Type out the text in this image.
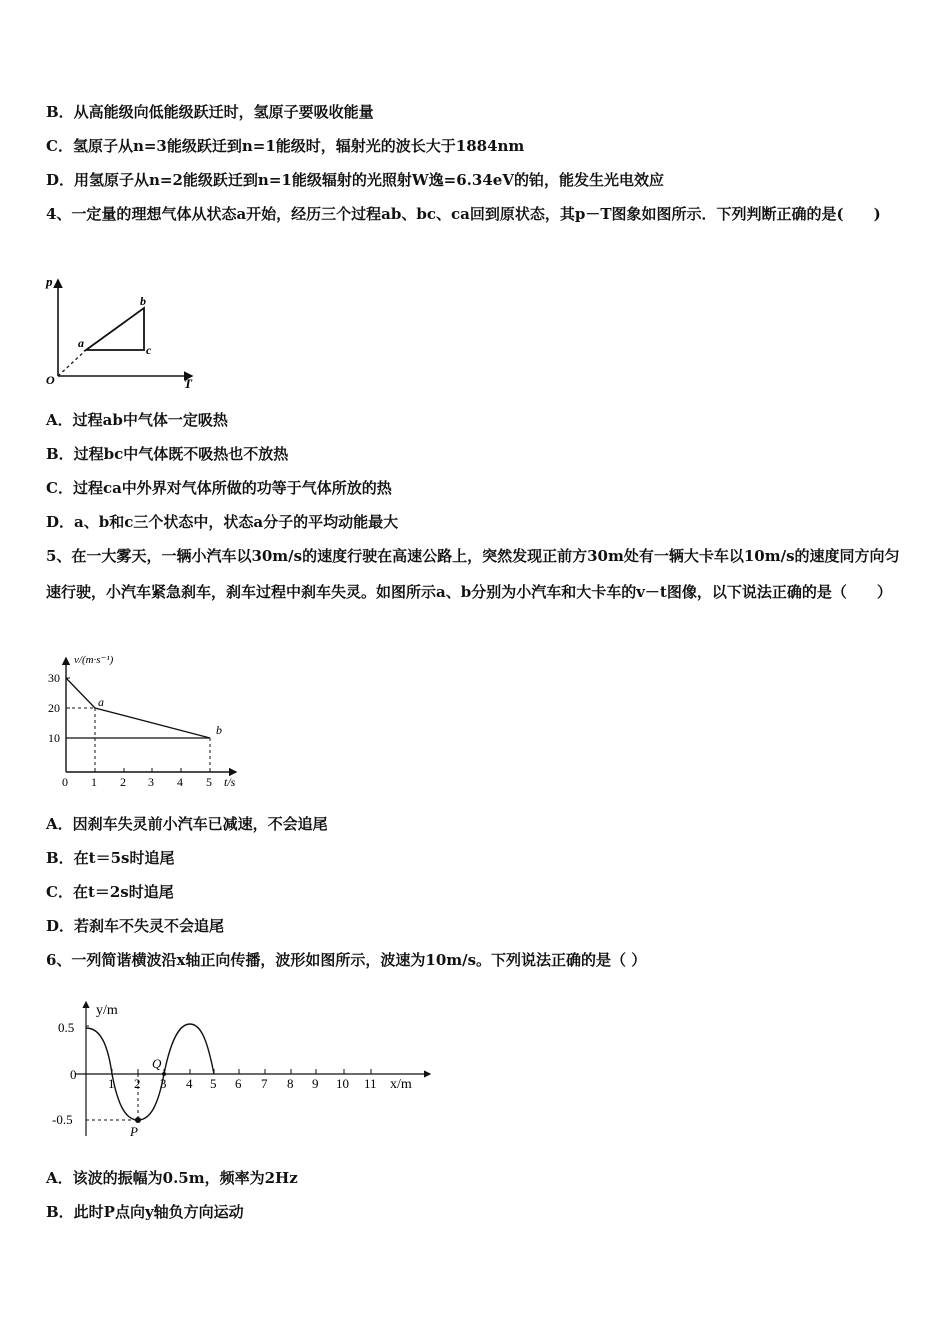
B．从高能级向低能级跃迁时，氢原子要吸收能量
C．氢原子从n=3能级跃迁到n=1能级时，辐射光的波长大于1884nm
D．用氢原子从n=2能级跃迁到n=1能级辐射的光照射W逸=6.34eV的铂，能发生光电效应
4、一定量的理想气体从状态a开始，经历三个过程ab、bc、ca回到原状态，其p－T图象如图所示．下列判断正确的是(　　)
p
T
O
a
b
c
A．过程ab中气体一定吸热
B．过程bc中气体既不吸热也不放热
C．过程ca中外界对气体所做的功等于气体所放的热
D．a、b和c三个状态中，状态a分子的平均动能最大
5、在一大雾天，一辆小汽车以30m/s的速度行驶在高速公路上，突然发现正前方30m处有一辆大卡车以10m/s的速度同方向匀速行驶，小汽车紧急刹车，刹车过程中刹车失灵。如图所示a、b分别为小汽车和大卡车的v－t图像，以下说法正确的是（　　）
v/(m·s⁻¹)
30
20
10
0 1 2 3 4 5 t/s
a
b
A．因刹车失灵前小汽车已减速，不会追尾
B．在t＝5s时追尾
C．在t＝2s时追尾
D．若刹车不失灵不会追尾
6、一列简谐横波沿x轴正向传播，波形如图所示，波速为10m/s。下列说法正确的是（ ）
y/m
0.5
0
-0.5
1 2 3 4 5 6 7 8 9 10 11 x/m
P
Q
A．该波的振幅为0.5m，频率为2Hz
B．此时P点向y轴负方向运动
